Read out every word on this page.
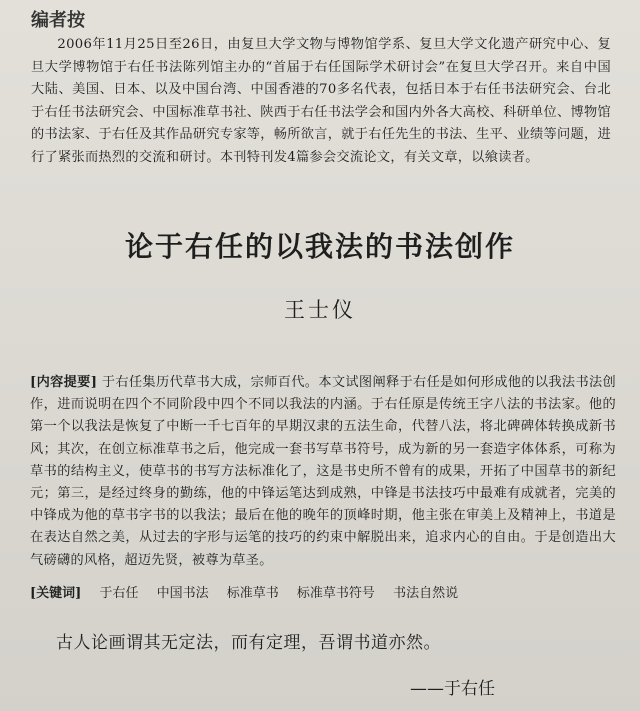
编者按
2006年11月25日至26日，由复旦大学文物与博物馆学系、复旦大学文化遗产研究中心、复旦大学博物馆于右任书法陈列馆主办的“首届于右任国际学术研讨会”在复旦大学召开。来自中国大陆、美国、日本、以及中国台湾、中国香港的70多名代表，包括日本于右任书法研究会、台北于右任书法研究会、中国标准草书社、陕西于右任书法学会和国内外各大高校、科研单位、博物馆的书法家、于右任及其作品研究专家等，畅所欲言，就于右任先生的书法、生平、业绩等问题，进行了紧张而热烈的交流和研讨。本刊特刊发4篇参会交流论文，有关文章，以飨读者。
论于右任的以我法的书法创作
王士仪
[内容提要] 于右任集历代草书大成，宗师百代。本文试图阐释于右任是如何形成他的以我法书法创作，进而说明在四个不同阶段中四个不同以我法的内涵。于右任原是传统王字八法的书法家。他的第一个以我法是恢复了中断一千七百年的早期汉隶的五法生命，代替八法，将北碑碑体转换成新书风；其次，在创立标准草书之后，他完成一套书写草书符号，成为新的另一套造字体体系，可称为草书的结构主义，使草书的书写方法标准化了，这是书史所不曾有的成果，开拓了中国草书的新纪元；第三，是经过终身的勤练，他的中锋运笔达到成熟，中锋是书法技巧中最难有成就者，完美的中锋成为他的草书字书的以我法；最后在他的晚年的顶峰时期，他主张在审美上及精神上，书道是在表达自然之美，从过去的字形与运笔的技巧的约束中解脱出来，追求内心的自由。于是创造出大气磅礴的风格，超迈先贤，被尊为草圣。
[关键词] 于右任 中国书法 标准草书 标准草书符号 书法自然说
古人论画谓其无定法，而有定理，吾谓书道亦然。
——于右任
